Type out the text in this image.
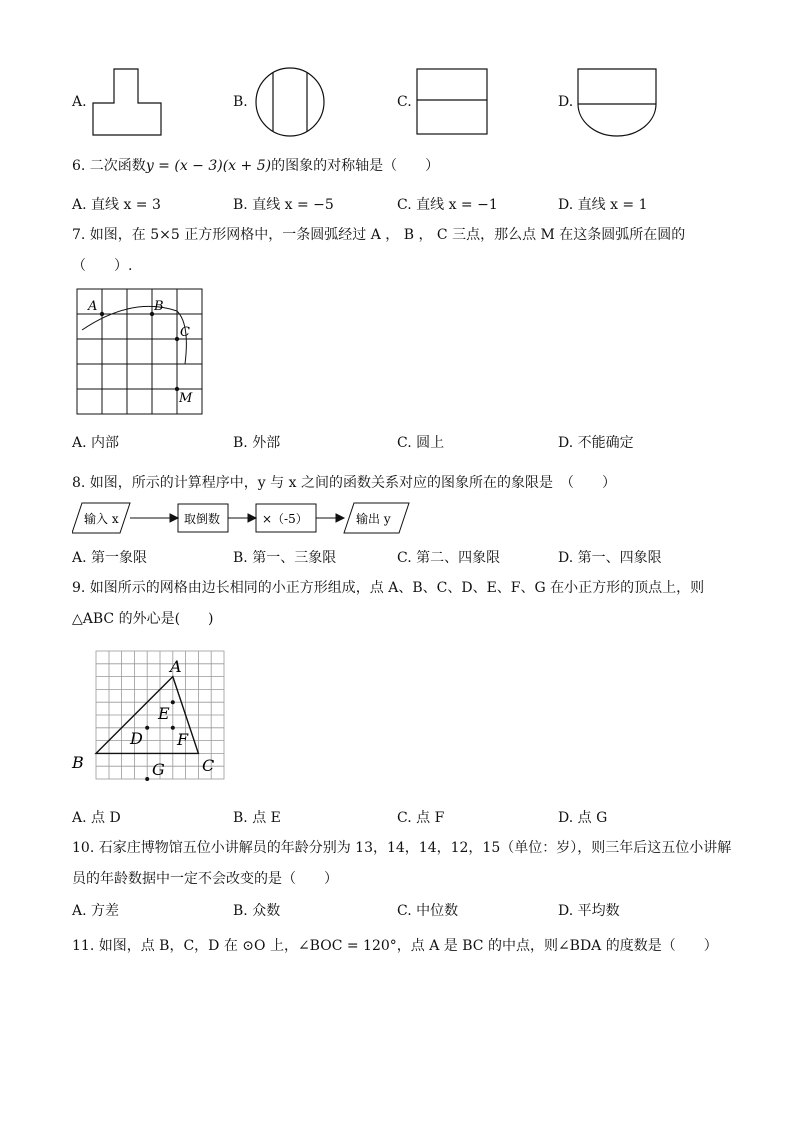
A.	B.	C.	D.
6. 二次函数y = (x − 3)(x + 5)的图象的对称轴是（　　）
A. 直线 x = 3	B. 直线 x = −5	C. 直线 x = −1	D. 直线 x = 1
7. 如图，在 5×5 正方形网格中，一条圆弧经过 A ， B ， C 三点，那么点 M 在这条圆弧所在圆的
（　　）.
A	B
C
M
A. 内部	B. 外部	C. 圆上	D. 不能确定
8. 如图，所示的计算程序中，y 与 x 之间的函数关系对应的图象所在的象限是　（　　）
输入 x	取倒数	×（-5）	输出 y
A. 第一象限	B. 第一、三象限	C. 第二、四象限	D. 第一、四象限
9. 如图所示的网格由边长相同的小正方形组成，点 A、B、C、D、E、F、G 在小正方形的顶点上，则
△ABC 的外心是(　　)
A
B	C
D
E
F
G
A. 点 D	B. 点 E	C. 点 F	D. 点 G
10. 石家庄博物馆五位小讲解员的年龄分别为 13，14，14，12，15（单位：岁），则三年后这五位小讲解
员的年龄数据中一定不会改变的是（　　）
A. 方差	B. 众数	C. 中位数	D. 平均数
11. 如图，点 B，C，D 在 ⊙O 上，∠BOC = 120°，点 A 是 BC 的中点，则∠BDA 的度数是（　　）
